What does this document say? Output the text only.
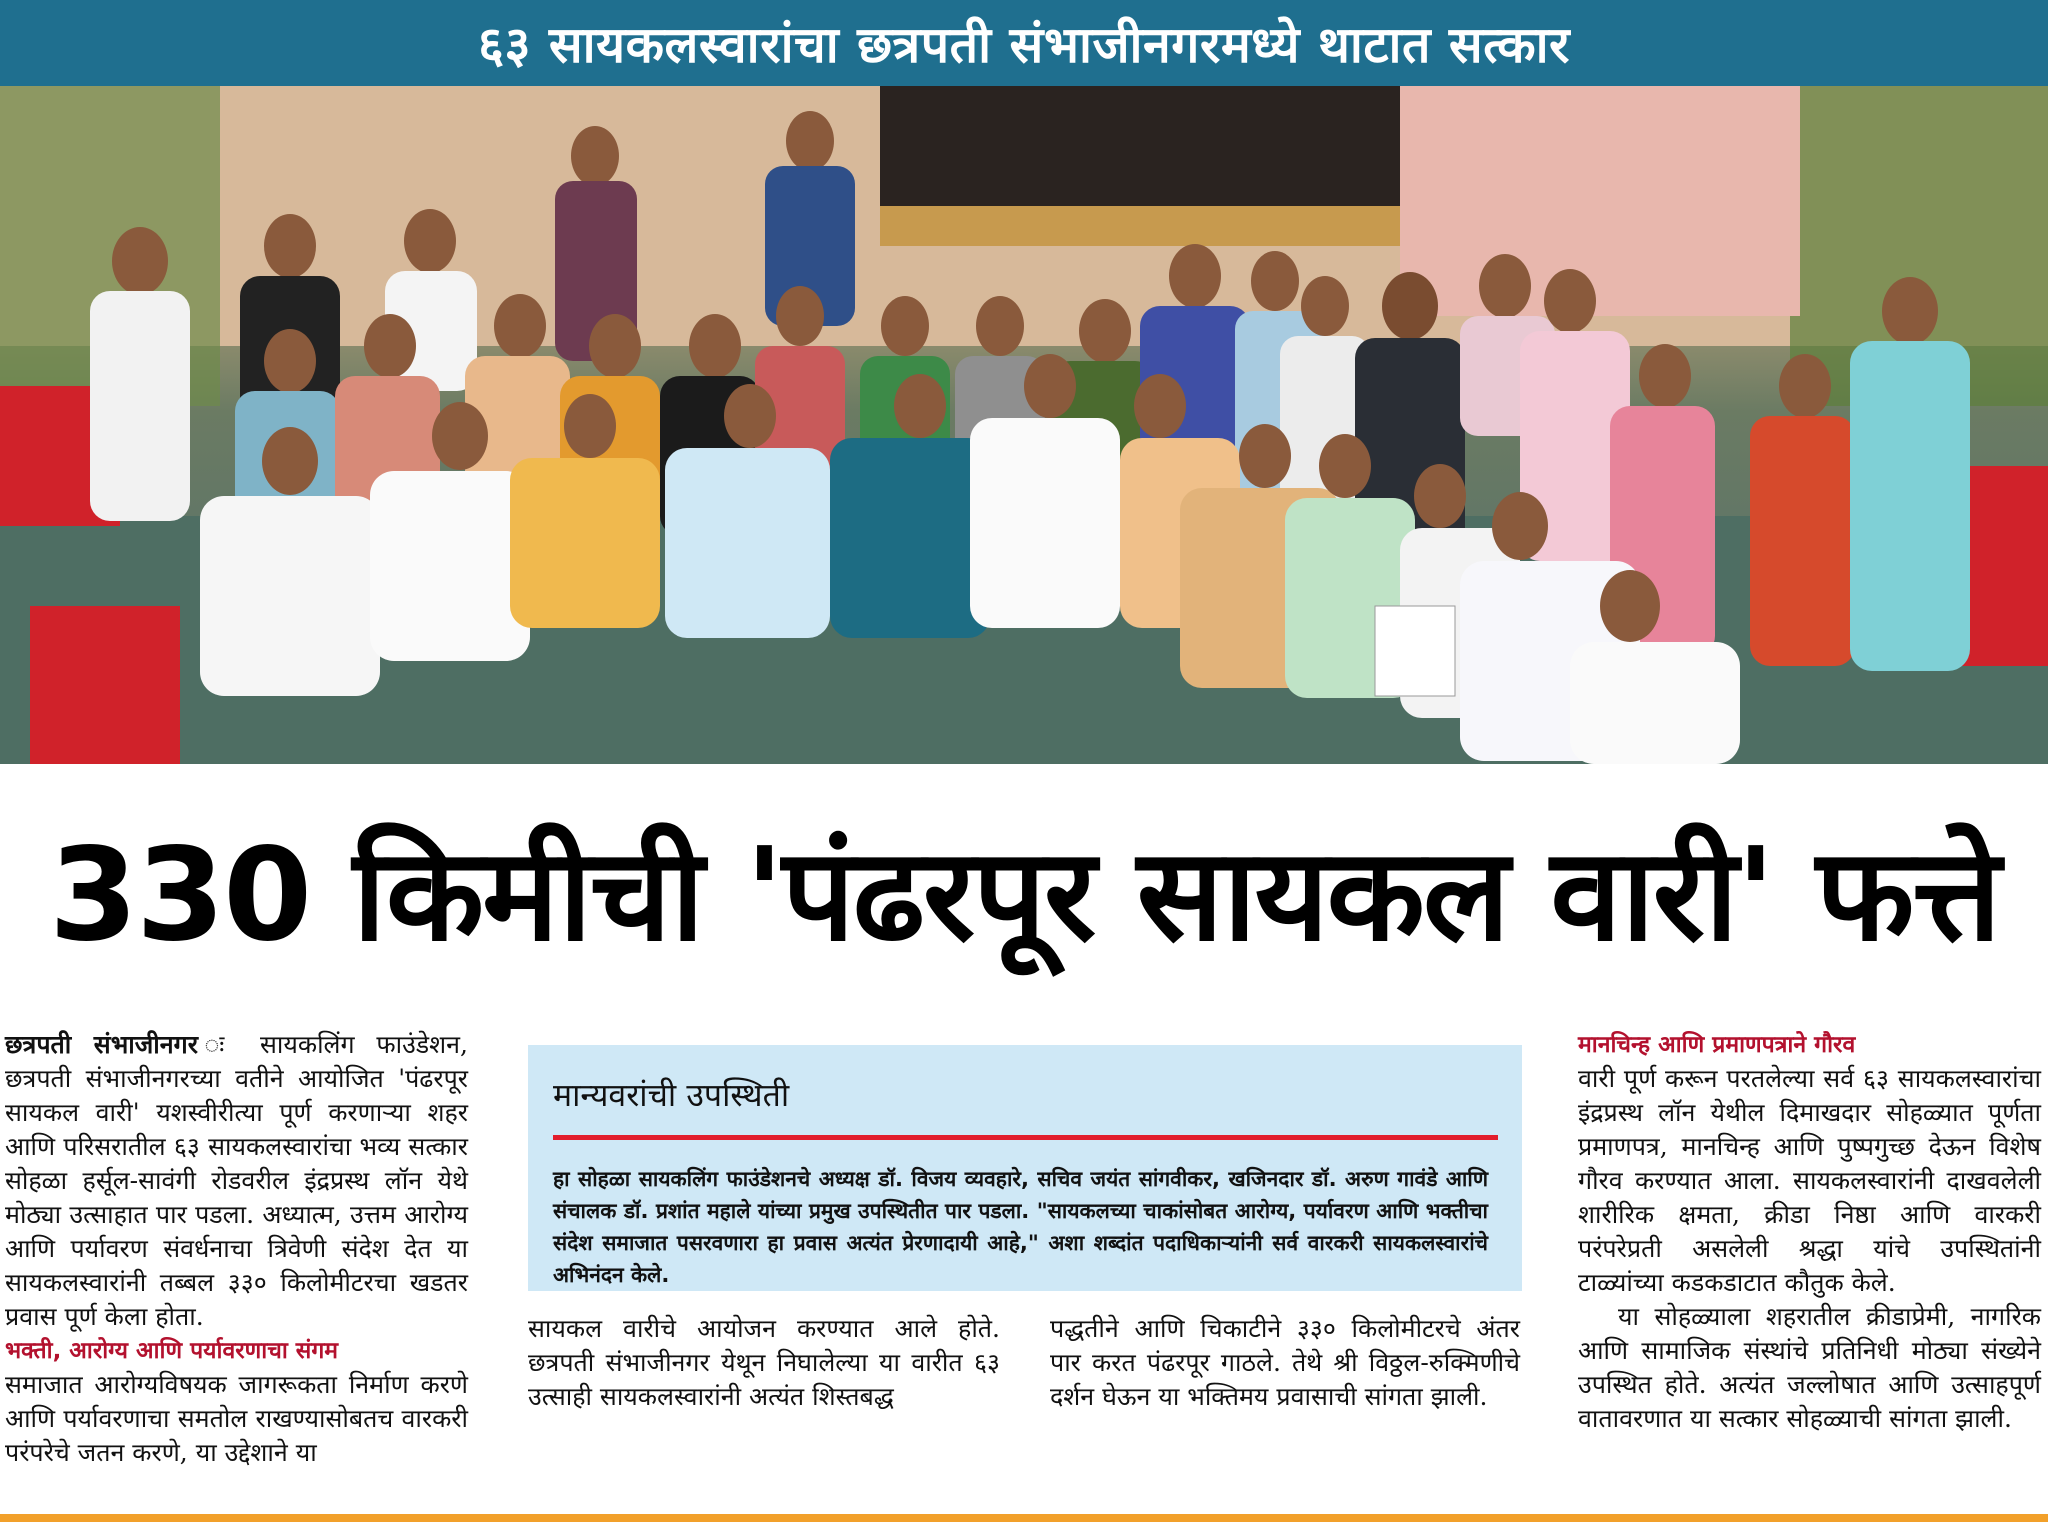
६३ सायकलस्वारांचा छत्रपती संभाजीनगरमध्ये थाटात सत्कार
330 किमीची 'पंढरपूर सायकल वारी' फत्ते

छत्रपती संभाजीनगर सायकलिंग फाउंडेशन, छत्रपती संभाजीनगरच्या वतीने आयोजित 'पंढरपूर सायकल वारी' यशस्वीरीत्या पूर्ण करणाऱ्या शहर आणि परिसरातील ६३ सायकलस्वारांचा भव्य सत्कार सोहळा हर्सूल-सावंगी रोडवरील इंद्रप्रस्थ लॉन येथे मोठ्या उत्साहात पार पडला. अध्यात्म, उत्तम आरोग्य आणि पर्यावरण संवर्धनाचा त्रिवेणी संदेश देत या सायकलस्वारांनी तब्बल ३३० किलोमीटरचा खडतर प्रवास पूर्ण केला होता.

भक्ती, आरोग्य आणि पर्यावरणाचा संगम

समाजात आरोग्यविषयक जागरूकता निर्माण करणे आणि पर्यावरणाचा समतोल राखण्यासोबतच वारकरी परंपरेचे जतन करणे, या उद्देशाने या

मान्यवरांची उपस्थिती
हा सोहळा सायकलिंग फाउंडेशनचे अध्यक्ष डॉ. विजय व्यवहारे, सचिव जयंत सांगवीकर, खजिनदार डॉ. अरुण गावंडे आणि संचालक डॉ. प्रशांत महाले यांच्या प्रमुख उपस्थितीत पार पडला. "सायकलच्या चाकांसोबत आरोग्य, पर्यावरण आणि भक्तीचा संदेश समाजात पसरवणारा हा प्रवास अत्यंत प्रेरणादायी आहे," अशा शब्दांत पदाधिकाऱ्यांनी सर्व वारकरी सायकलस्वारांचे अभिनंदन केले.

सायकल वारीचे आयोजन करण्यात आले होते. छत्रपती संभाजीनगर येथून निघालेल्या या वारीत ६३ उत्साही सायकलस्वारांनी अत्यंत शिस्तबद्ध

पद्धतीने आणि चिकाटीने ३३० किलोमीटरचे अंतर पार करत पंढरपूर गाठले. तेथे श्री विठ्ठल-रुक्मिणीचे दर्शन घेऊन या भक्तिमय प्रवासाची सांगता झाली.

मानचिन्ह आणि प्रमाणपत्राने गौरव

वारी पूर्ण करून परतलेल्या सर्व ६३ सायकलस्वारांचा इंद्रप्रस्थ लॉन येथील दिमाखदार सोहळ्यात पूर्णता प्रमाणपत्र, मानचिन्ह आणि पुष्पगुच्छ देऊन विशेष गौरव करण्यात आला. सायकलस्वारांनी दाखवलेली शारीरिक क्षमता, क्रीडा निष्ठा आणि वारकरी परंपरेप्रती असलेली श्रद्धा यांचे उपस्थितांनी टाळ्यांच्या कडकडाटात कौतुक केले.

या सोहळ्याला शहरातील क्रीडाप्रेमी, नागरिक आणि सामाजिक संस्थांचे प्रतिनिधी मोठ्या संख्येने उपस्थित होते. अत्यंत जल्लोषात आणि उत्साहपूर्ण वातावरणात या सत्कार सोहळ्याची सांगता झाली.
